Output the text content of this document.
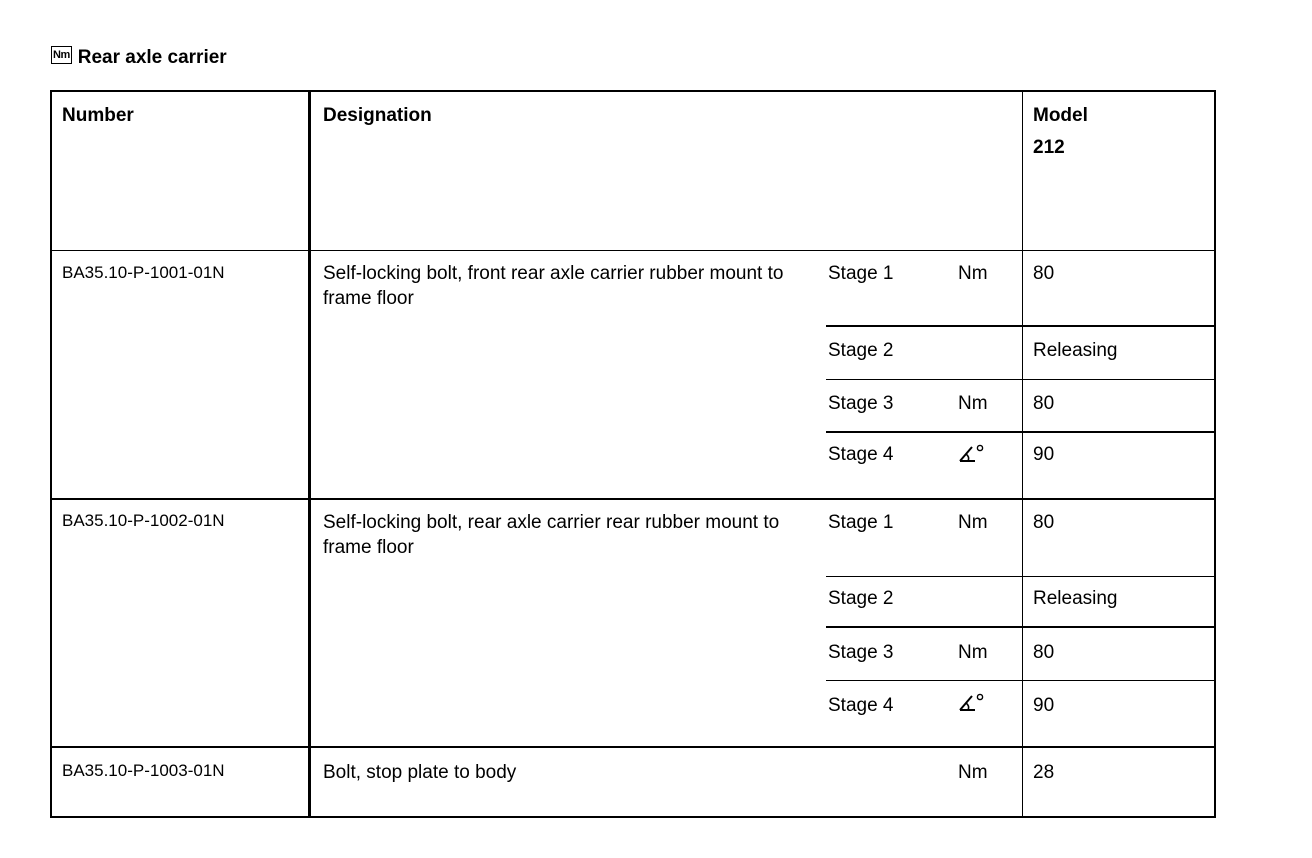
Nm Rear axle carrier
Number	Designation	Model
212
BA35.10-P-1001-01N	Self-locking bolt, front rear axle carrier rubber mount to frame floor
Stage 1	Nm 80
Stage 2	Releasing
Stage 3	Nm 80
Stage 4	90
BA35.10-P-1002-01N	Self-locking bolt, rear axle carrier rear rubber mount to frame floor
Stage 1	Nm 80
Stage 2	Releasing
Stage 3	Nm 80
Stage 4	90
BA35.10-P-1003-01N	Bolt, stop plate to body	Nm 28
